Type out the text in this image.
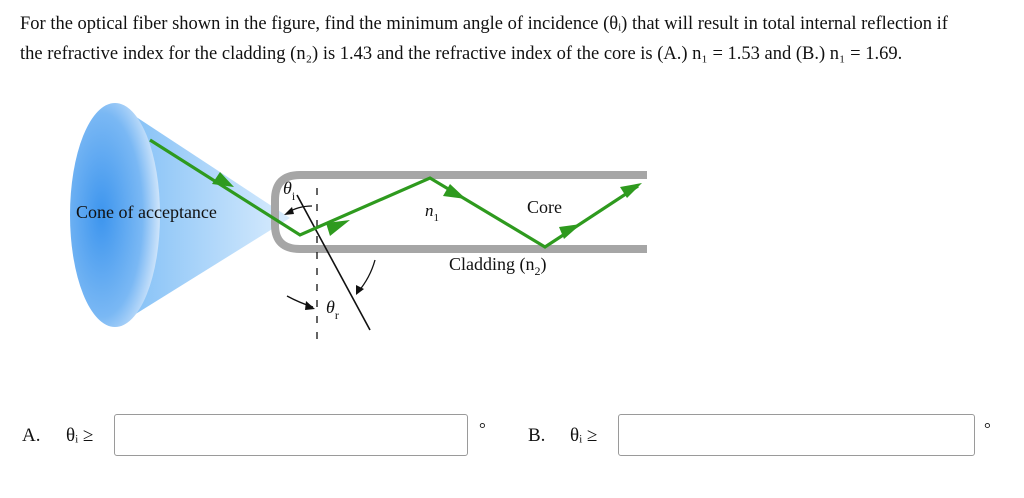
For the optical fiber shown in the figure, find the minimum angle of incidence (θᵢ) that will result in total internal reflection if

the refractive index for the cladding (n₂) is 1.43 and the refractive index of the core is (A.) n₁ = 1.53 and (B.) n₁ = 1.69.

Cone of acceptance	Core
Cladding $(n_2)$
$n_1$
$\theta_i$
$\theta_r$
A. θᵢ ≥	° B. θᵢ ≥	°
